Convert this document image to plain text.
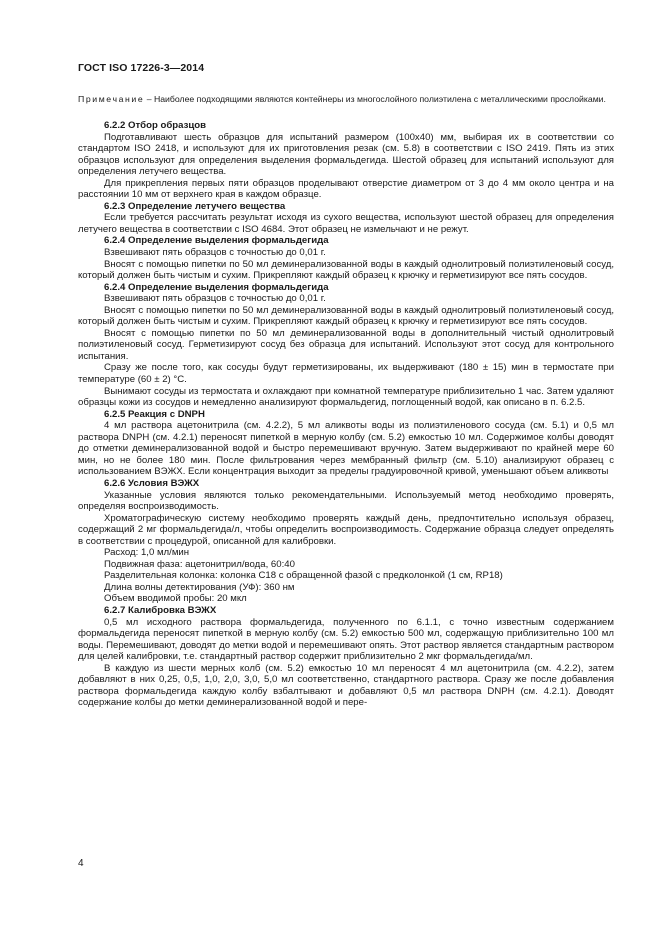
ГОСТ ISO 17226-3—2014
Примечание – Наиболее подходящими являются контейнеры из многослойного полиэтилена с металлическими прослойками.

6.2.2 Отбор образцов

Подготавливают шесть образцов для испытаний размером (100x40) мм, выбирая их в соответствии со стандартом ISO 2418, и используют для их приготовления резак (см. 5.8) в соответствии с ISO 2419. Пять из этих образцов используют для определения выделения формальдегида. Шестой образец для испытаний используют для определения летучего вещества.

Для прикрепления первых пяти образцов проделывают отверстие диаметром от 3 до 4 мм около центра и на расстоянии 10 мм от верхнего края в каждом образце.

6.2.3 Определение летучего вещества

Если требуется рассчитать результат исходя из сухого вещества, используют шестой образец для определения летучего вещества в соответствии с ISO 4684. Этот образец не измельчают и не режут.

6.2.4 Определение выделения формальдегида

Взвешивают пять образцов с точностью до 0,01 г.

Вносят с помощью пипетки по 50 мл деминерализованной воды в каждый однолитровый полиэтиленовый сосуд, который должен быть чистым и сухим. Прикрепляют каждый образец к крючку и герметизируют все пять сосудов.

6.2.4 Определение выделения формальдегида

Взвешивают пять образцов с точностью до 0,01 г.

Вносят с помощью пипетки по 50 мл деминерализованной воды в каждый однолитровый полиэтиленовый сосуд, который должен быть чистым и сухим. Прикрепляют каждый образец к крючку и герметизируют все пять сосудов.

Вносят с помощью пипетки по 50 мл деминерализованной воды в дополнительный чистый однолитровый полиэтиленовый сосуд. Герметизируют сосуд без образца для испытаний. Используют этот сосуд для контрольного испытания.

Сразу же после того, как сосуды будут герметизированы, их выдерживают (180 ± 15) мин в термостате при температуре (60 ± 2) °C.

Вынимают сосуды из термостата и охлаждают при комнатной температуре приблизительно 1 час. Затем удаляют образцы кожи из сосудов и немедленно анализируют формальдегид, поглощенный водой, как описано в п. 6.2.5.

6.2.5 Реакция с DNPH

4 мл раствора ацетонитрила (см. 4.2.2), 5 мл аликвоты воды из полиэтиленового сосуда (см. 5.1) и 0,5 мл раствора DNPH (см. 4.2.1) переносят пипеткой в мерную колбу (см. 5.2) емкостью 10 мл. Содержимое колбы доводят до отметки деминерализованной водой и быстро перемешивают вручную. Затем выдерживают по крайней мере 60 мин, но не более 180 мин. После фильтрования через мембранный фильтр (см. 5.10) анализируют образец с использованием ВЭЖХ. Если концентрация выходит за пределы градуировочной кривой, уменьшают объем аликвоты

6.2.6 Условия ВЭЖХ

Указанные условия являются только рекомендательными. Используемый метод необходимо проверять, определяя воспроизводимость.

Хроматографическую систему необходимо проверять каждый день, предпочтительно используя образец, содержащий 2 мг формальдегида/л, чтобы определить воспроизводимость. Содержание образца следует определять в соответствии с процедурой, описанной для калибровки.

Расход: 1,0 мл/мин

Подвижная фаза: ацетонитрил/вода, 60:40

Разделительная колонка: колонка C18 с обращенной фазой с предколонкой (1 см, RP18)

Длина волны детектирования (УФ): 360 нм

Объем вводимой пробы: 20 мкл

6.2.7 Калибровка ВЭЖХ

0,5 мл исходного раствора формальдегида, полученного по 6.1.1, с точно известным содержанием формальдегида переносят пипеткой в мерную колбу (см. 5.2) емкостью 500 мл, содержащую приблизительно 100 мл воды. Перемешивают, доводят до метки водой и перемешивают опять. Этот раствор является стандартным раствором для целей калибровки, т.е. стандартный раствор содержит приблизительно 2 мкг формальдегида/мл.

В каждую из шести мерных колб (см. 5.2) емкостью 10 мл переносят 4 мл ацетонитрила (см. 4.2.2), затем добавляют в них 0,25, 0,5, 1,0, 2,0, 3,0, 5,0 мл соответственно, стандартного раствора. Сразу же после добавления раствора формальдегида каждую колбу взбалтывают и добавляют 0,5 мл раствора DNPH (см. 4.2.1). Доводят содержание колбы до метки деминерализованной водой и пере-

4
